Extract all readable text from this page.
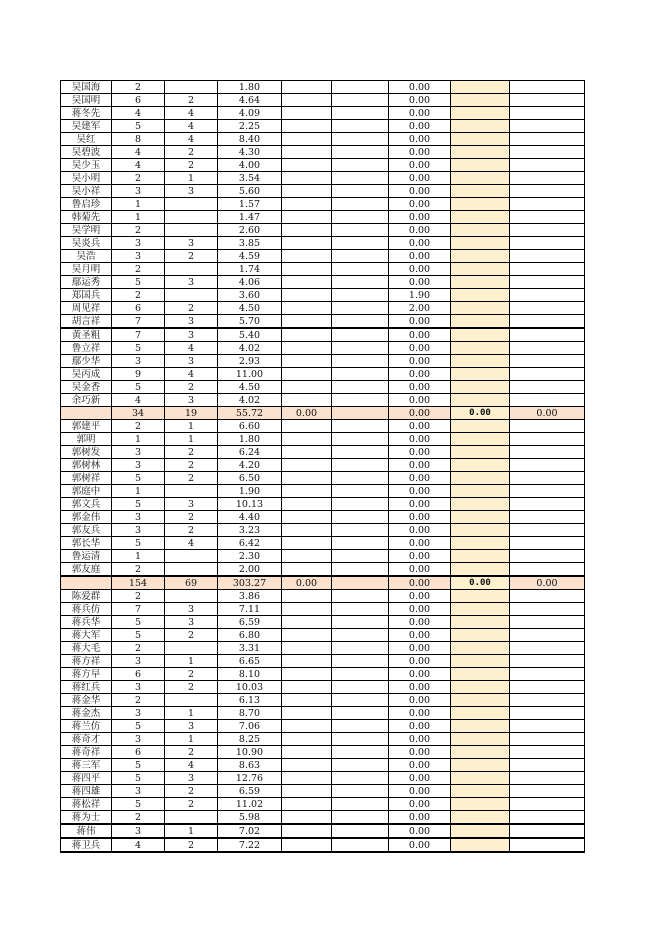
吴国海	2		1.80			0.00		
吴国明	6	2	4.64			0.00		
蒋冬先	4	4	4.09			0.00		
吴建军	5	4	2.25			0.00		
吴红	8	4	8.40			0.00		
吴碧波	4	2	4.30			0.00		
吴少玉	4	2	4.00			0.00		
吴小明	2	1	3.54			0.00		
吴小祥	3	3	5.60			0.00		
鲁启珍	1		1.57			0.00		
韩菊先	1		1.47			0.00		
吴学明	2		2.60			0.00		
吴炎兵	3	3	3.85			0.00		
吴浩	3	2	4.59			0.00		
吴月明	2		1.74			0.00		
鄢运秀	5	3	4.06			0.00		
郑国兵	2		3.60			1.90		
周见祥	6	2	4.50			2.00		
胡言祥	7	3	5.70			0.00		
黄圣粗	7	3	5.40			0.00		
鲁立祥	5	4	4.02			0.00		
鄢少华	3	3	2.93			0.00		
吴丙成	9	4	11.00			0.00		
吴金香	5	2	4.50			0.00		
余巧新	4	3	4.02			0.00		
	34	19	55.72	0.00		0.00	0.00	0.00
郭建平	2	1	6.60			0.00		
郭明	1	1	1.80			0.00		
郭树发	3	2	6.24			0.00		
郭树林	3	2	4.20			0.00		
郭树祥	5	2	6.50			0.00		
郭庭中	1		1.90			0.00		
郭文兵	5	3	10.13			0.00		
郭金伟	3	2	4.40			0.00		
郭友兵	3	2	3.23			0.00		
郭长华	5	4	6.42			0.00		
鲁运清	1		2.30			0.00		
郭友庭	2		2.00			0.00		
	154	69	303.27	0.00		0.00	0.00	0.00
陈爱群	2		3.86			0.00		
蒋兵仿	7	3	7.11			0.00		
蒋兵华	5	3	6.59			0.00		
蒋大军	5	2	6.80			0.00		
蒋大毛	2		3.31			0.00		
蒋方祥	3	1	6.65			0.00		
蒋方早	6	2	8.10			0.00		
蒋红兵	3	2	10.03			0.00		
蒋金华	2		6.13			0.00		
蒋金杰	3	1	8.70			0.00		
蒋兰仿	5	3	7.06			0.00		
蒋奇才	3	1	8.25			0.00		
蒋奇祥	6	2	10.90			0.00		
蒋三军	5	4	8.63			0.00		
蒋四平	5	3	12.76			0.00		
蒋四雄	3	2	6.59			0.00		
蒋松祥	5	2	11.02			0.00		
蒋为士	2		5.98			0.00		
蒋伟	3	1	7.02			0.00		
蒋卫兵	4	2	7.22			0.00		
